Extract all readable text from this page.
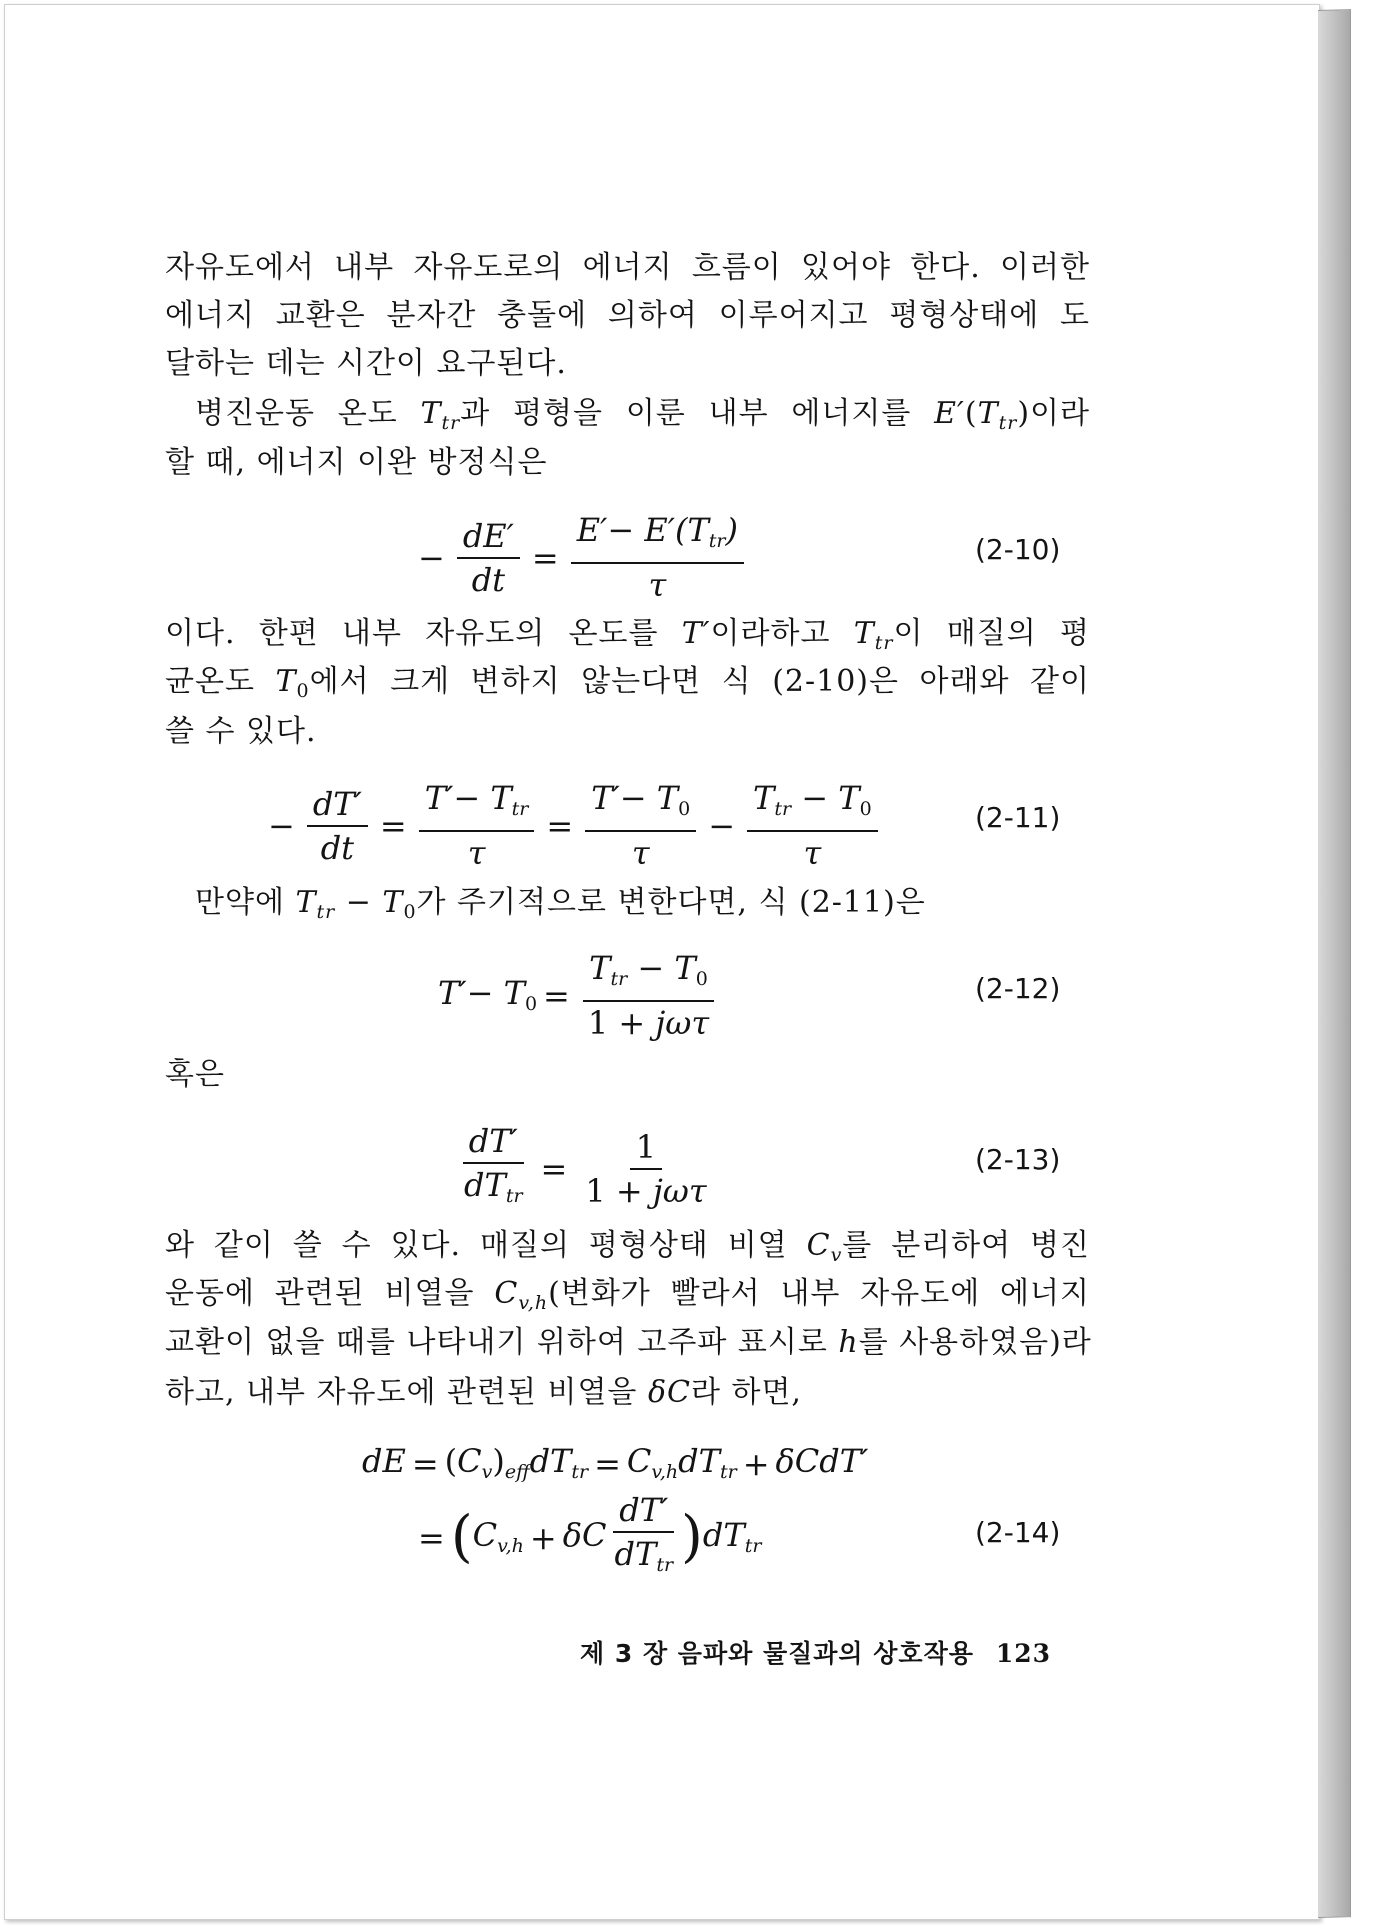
자유도에서 내부 자유도로의 에너지 흐름이 있어야 한다. 이러한
에너지 교환은 분자간 충돌에 의하여 이루어지고 평형상태에 도
달하는 데는 시간이 요구된다.
병진운동 온도 $T_{tr}$과 평형을 이룬 내부 에너지를 $E'(T_{tr})$이라
할 때, 에너지 이완 방정식은
− $\frac{dE'}{dt} = \frac{E'- E'(T_{tr})}{\tau}$	(2-10)
이다. 한편 내부 자유도의 온도를 T′이라하고 $T_{tr}$이 매질의 평
균온도 $T_0$에서 크게 변하지 않는다면 식 (2-10)은 아래와 같이
쓸 수 있다.
− $\frac{dT'}{dt} = \frac{T'- T_{tr}}{\tau} = \frac{T'- T_0}{\tau} - \frac{T_{tr} - T_0}{\tau}$	(2-11)
만약에 $T_{tr} - T_0$가 주기적으로 변한다면, 식 (2-11)은
$T'- T_0 = \frac{T_{tr} - T_0}{\text{1 + jωτ}}$	(2-12)
혹은
$\frac{dT'}{dT_{tr}} = \frac{1}{\text{1 + jωτ}}$	(2-13)
와 같이 쓸 수 있다. 매질의 평형상태 비열 $C_v$를 분리하여 병진
운동에 관련된 비열을 $C_{v,h}$(변화가 빨라서 내부 자유도에 에너지
교환이 없을 때를 나타내기 위하여 고주파 표시로 h를 사용하였음)라
하고, 내부 자유도에 관련된 비열을 δC라 하면,
dE = $(C_v)_{eff}dT_{tr} = C_{v,h}dT_{tr} + \delta CdT'$
= $(C_{v,h} + \delta C \frac{dT'}{dT_{tr}} )dT_{tr}$	(2-14)
제 3 장 음파와 물질과의 상호작용 123
